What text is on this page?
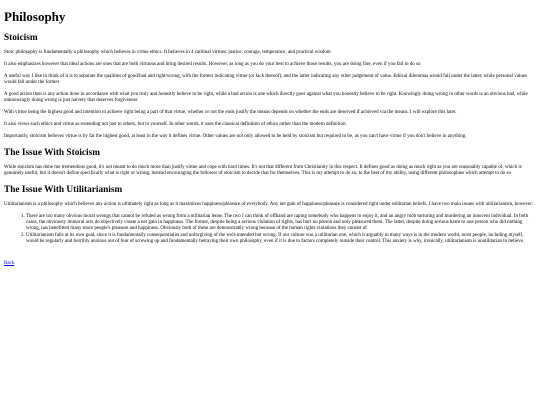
Philosophy
Stoicism

Stoic philosophy is fundamentally a philosophy which believes in virtue ethics. It believes in 4 cardinal virtues: justice, courage, temperance, and practical wisdom

It also emphasizes however that ideal actions are ones that are both virtuous and bring desired results. However, as long as you do your best to achieve those results, you are doing fine, even if you fail to do so

A useful way I like to think of it is to separate the qualities of good/bad and right/wrong, with the former indicating virtue (or lack thereof), and the latter indicating any other judgement of value. Ethical dilemmas would fall under the latter, while personal values would fall under the former

A good action then is any action done in accordance with what you truly and honestly believe to be right, while a bad action is one which directly goes against what you honestly believe to be right. Knowingly doing wrong in other words is an obvious bad, while unknowingly doing wrong is just naivety that deserves forgiveness

With virtue being the highest good and intention to achieve right being a part of that virtue, whether or not the ends justify the means depends on whether the ends are deserved if achieved via the means. I will explore this later.

It also views such ethics and virtue as extending not just to others, but to yourself. In other words, it uses the classical definition of ethics rather than the modern definition.

Importantly, stoicism believes virtue is by far the highest good, at least in the way it defines virtue. Other values are not only allowed to be held by stoicism but required to be, as you can't have virtue if you don't believe in anything.

The Issue With Stoicism

While stoicism has done me tremendous good, it's not meant to do much more than justify virtue and cope with hard times. It's not that different from Christianity in this respect. It defines good as doing as much right as you are reasonably capable of, which is genuinely useful, but it doesn't define specifically what is right or wrong, instead encouraging the follower of stoicism to decide that for themselves. This is my attempt to do so, to the best of my ability, using different philosophies which attempt to do so

The Issue With Utilitarianism

Utilitarianism is a philosophy which believes any action is ultimately right as long as it maximizes happiness/pleasure of everybody. Any net gain of happiness/pleasure is considered right under utilitarian beliefs. I have two main issues with utilitarianism, however:

1. There are too many obvious moral wrongs that cannot be refuted as wrong from a utilitarian lense. The two I can think of offhand are raping somebody who happens to enjoy it, and an angry mob torturing and murdering an innocent individual. In both cases, the obviously immoral acts do objectively create a net gain in happiness. The former, despite being a serious violation of rights, has hurt no person and only pleasured them. The latter, despite doing serious harm to one person who did nothing wrong, has benefitted many more people's pleasure and happiness. Obviously both of these are demonstrably wrong because of the human rights violations they consist of
2. Utilitarianism fails at its own goal, since it is fundamentally consequentialist and unforgiving of the well-intended but wrong. If our culture was a utilitarian one, which it arguably in many ways is in the modern world, most people, including myself, would be regularly and horribly anxious out of fear of screwing up and fundamentally betraying their own philosophy, even if it is due to factors completely outside their control. This anxiety is why, ironically, utilitarianism is unutilitarian to believe.
Back
